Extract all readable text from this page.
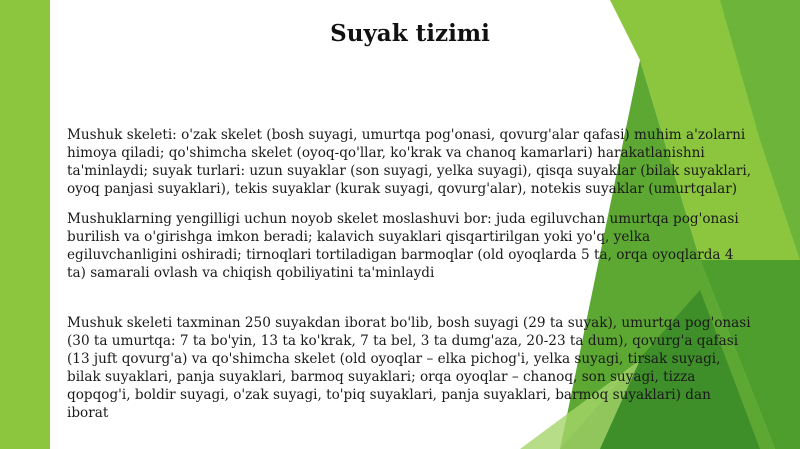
Suyak tizimi

Mushuk skeleti: o'zak skelet (bosh suyagi, umurtqa pog'onasi, qovurg'alar qafasi) muhim a'zolarni himoya qiladi; qo'shimcha skelet (oyoq-qo'llar, ko'krak va chanoq kamarlari) harakatlanishni ta'minlaydi; suyak turlari: uzun suyaklar (son suyagi, yelka suyagi), qisqa suyaklar (bilak suyaklari, oyoq panjasi suyaklari), tekis suyaklar (kurak suyagi, qovurg'alar), notekis suyaklar (umurtqalar)

Mushuklarning yengilligi uchun noyob skelet moslashuvi bor: juda egiluvchan umurtqa pog'onasi burilish va o'girishga imkon beradi; kalavich suyaklari qisqartirilgan yoki yo'q, yelka egiluvchanligini oshiradi; tirnoqlari tortiladigan barmoqlar (old oyoqlarda 5 ta, orqa oyoqlarda 4 ta) samarali ovlash va chiqish qobiliyatini ta'minlaydi

Mushuk skeleti taxminan 250 suyakdan iborat bo'lib, bosh suyagi (29 ta suyak), umurtqa pog'onasi (30 ta umurtqa: 7 ta bo'yin, 13 ta ko'krak, 7 ta bel, 3 ta dumg'aza, 20-23 ta dum), qovurg'a qafasi (13 juft qovurg'a) va qo'shimcha skelet (old oyoqlar – elka pichog'i, yelka suyagi, tirsak suyagi, bilak suyaklari, panja suyaklari, barmoq suyaklari; orqa oyoqlar – chanoq, son suyagi, tizza qopqog'i, boldir suyagi, o'zak suyagi, to'piq suyaklari, panja suyaklari, barmoq suyaklari) dan iborat
